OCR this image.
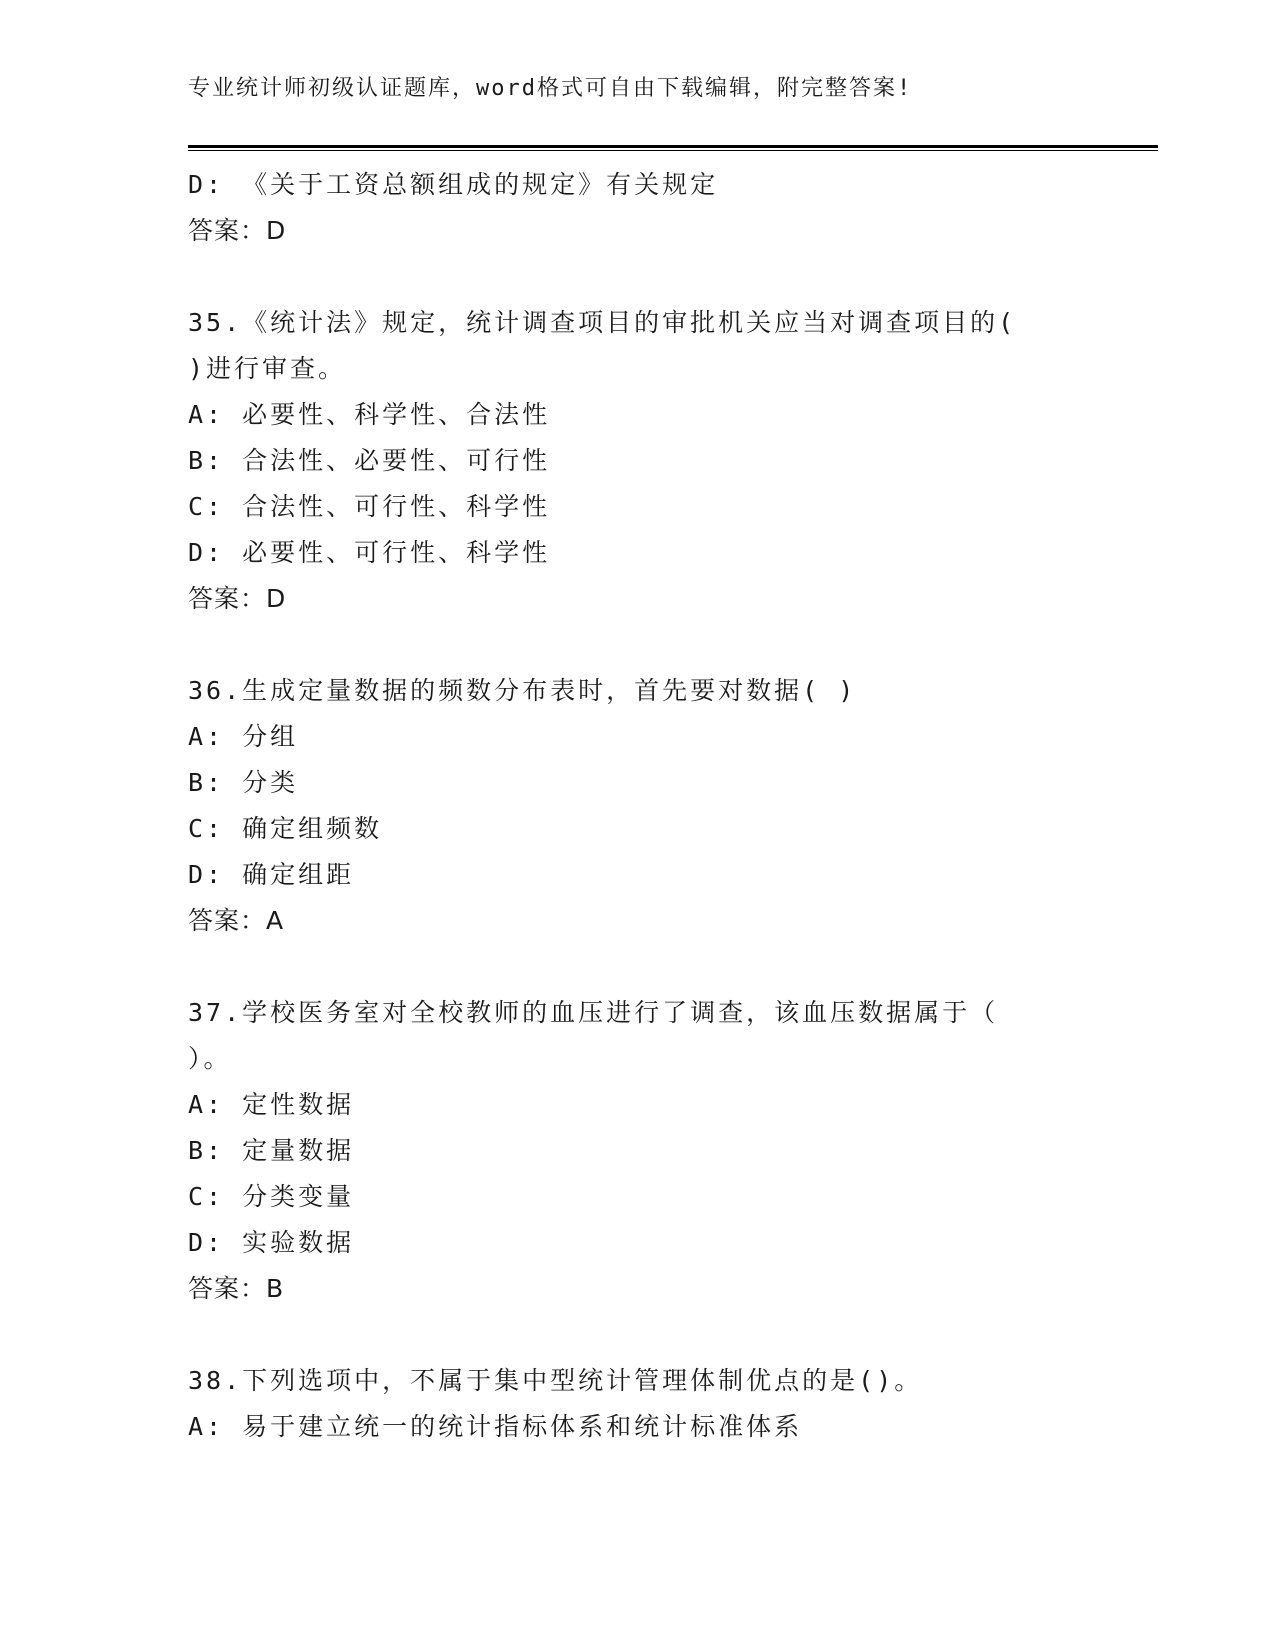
专业统计师初级认证题库，word格式可自由下载编辑，附完整答案!
D: 《关于工资总额组成的规定》有关规定
答案：D
35.《统计法》规定，统计调查项目的审批机关应当对调查项目的(
)进行审查。
A: 必要性、科学性、合法性
B: 合法性、必要性、可行性
C: 合法性、可行性、科学性
D: 必要性、可行性、科学性
答案：D
36.生成定量数据的频数分布表时，首先要对数据( )
A: 分组
B: 分类
C: 确定组频数
D: 确定组距
答案：A
37.学校医务室对全校教师的血压进行了调查，该血压数据属于（
）。
A: 定性数据
B: 定量数据
C: 分类变量
D: 实验数据
答案：B
38.下列选项中，不属于集中型统计管理体制优点的是()。
A: 易于建立统一的统计指标体系和统计标准体系
